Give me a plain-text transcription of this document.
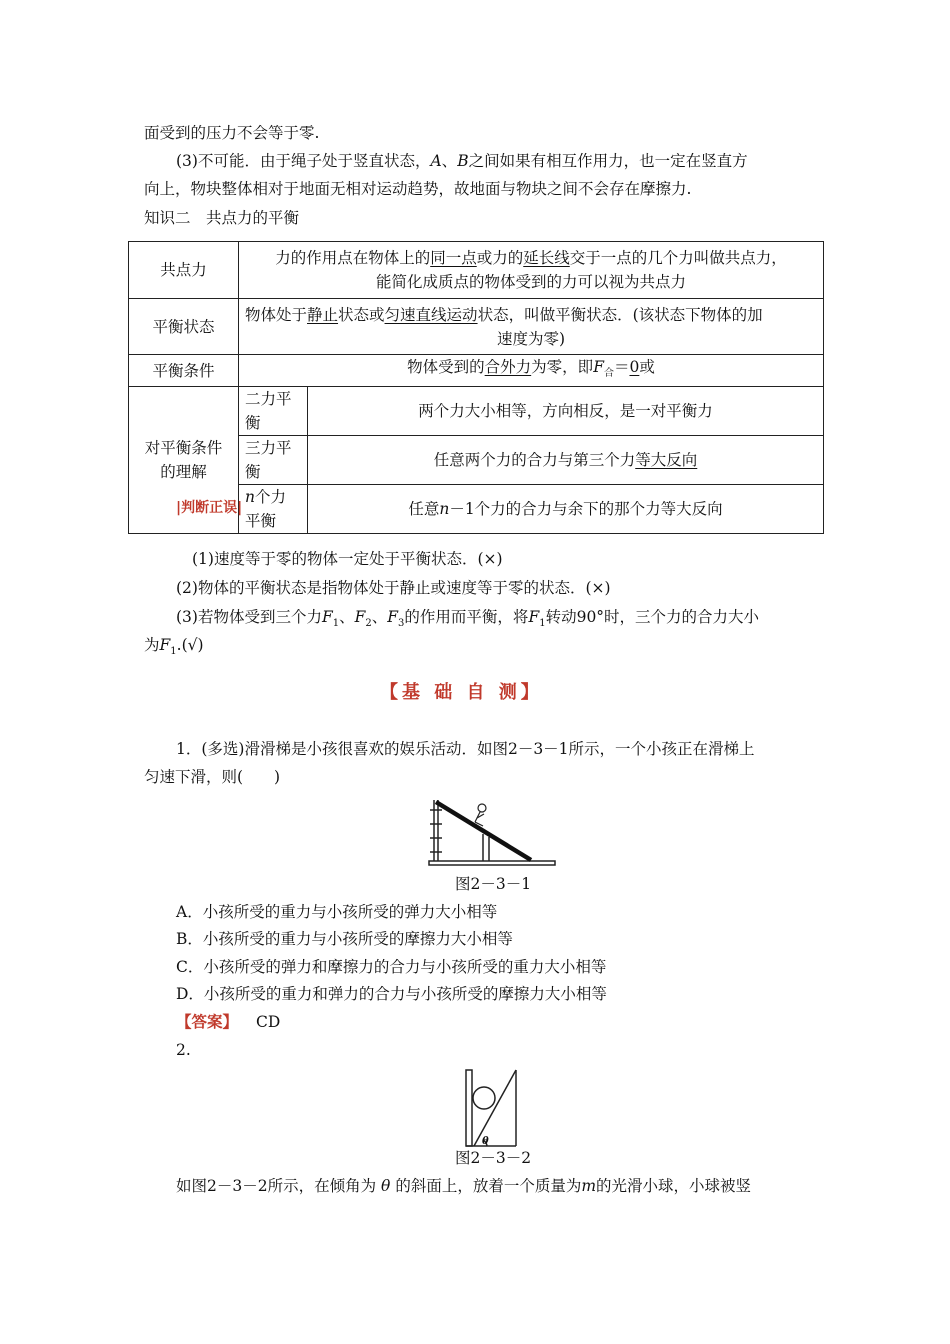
面受到的压力不会等于零.
(3)不可能．由于绳子处于竖直状态，A、B之间如果有相互作用力，也一定在竖直方
向上，物块整体相对于地面无相对运动趋势，故地面与物块之间不会存在摩擦力.
知识二　共点力的平衡
共点力	力的作用点在物体上的同一点或力的延长线交于一点的几个力叫做共点力，
能简化成质点的物体受到的力可以视为共点力	

平衡状态	物体处于静止状态或匀速直线运动状态，叫做平衡状态．(该状态下物体的加
速度为零)	

平衡条件	物体受到的合外力为零，即$F_合=0$或	

对平衡条件
的理解	二力平衡	两个力大小相等，方向相反，是一对平衡力
	三力平衡	任意两个力的合力与第三个力等大反向
	n个力平衡	任意n－1个力的合力与余下的那个力等大反向
|判断正误|
(1)速度等于零的物体一定处于平衡状态．(×)
(2)物体的平衡状态是指物体处于静止或速度等于零的状态．(×)
(3)若物体受到三个力$F_1$、$F_2$、$F_3$的作用而平衡，将$F_1$转动90°时，三个力的合力大小
为$F_1.(√)$
【基 础 自 测】
1．(多选)滑滑梯是小孩很喜欢的娱乐活动．如图2－3－1所示，一个小孩正在滑梯上
匀速下滑，则(　　)
图2－3－1
A．小孩所受的重力与小孩所受的弹力大小相等
B．小孩所受的重力与小孩所受的摩擦力大小相等
C．小孩所受的弹力和摩擦力的合力与小孩所受的重力大小相等
D．小孩所受的重力和弹力的合力与小孩所受的摩擦力大小相等
【答案】 CD
2.
θ
图2－3－2
如图2－3－2所示，在倾角为 θ 的斜面上，放着一个质量为m的光滑小球，小球被竖
